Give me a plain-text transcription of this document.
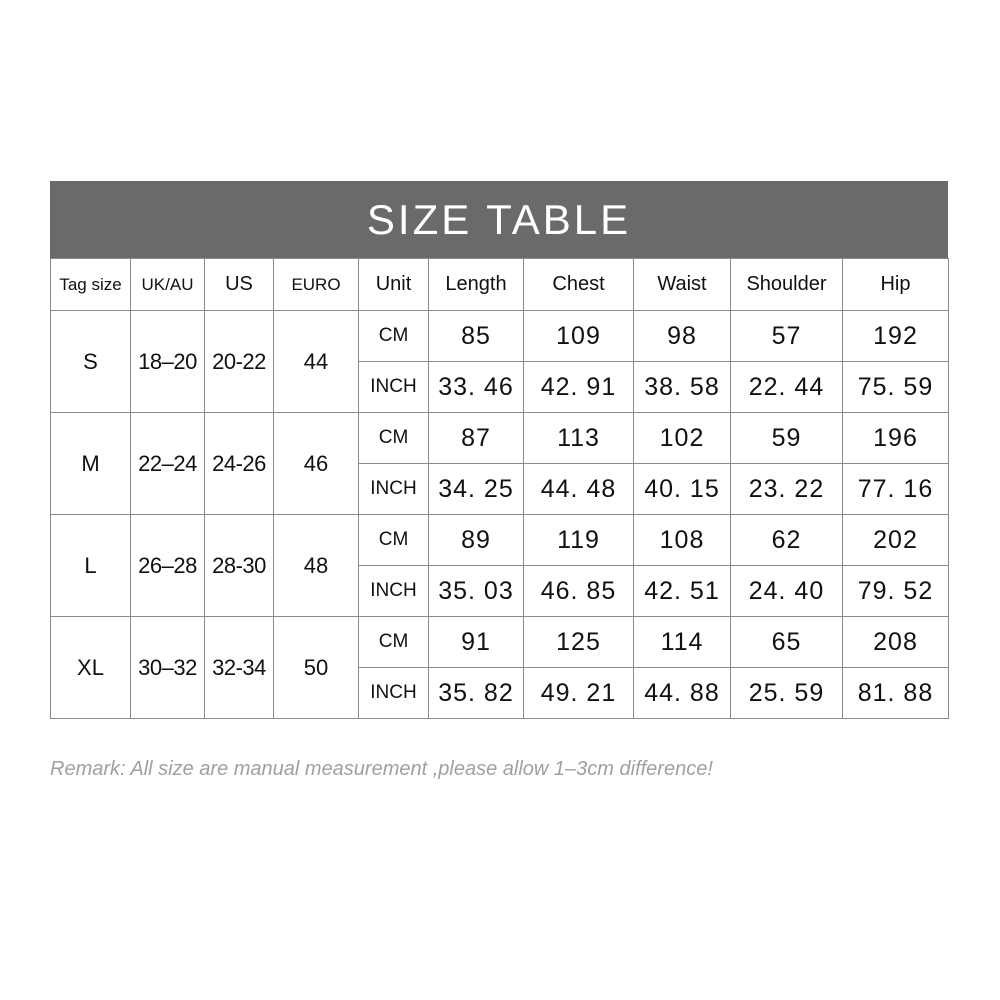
SIZE TABLE
Tag size	UK/AU	US	EURO	Unit	Length	Chest	Waist	Shoulder	Hip
S	18–20	20-22	44	CM	85	109	98	57	192
				INCH	33. 46	42. 91	38. 58	22. 44	75. 59
M	22–24	24-26	46	CM	87	113	102	59	196
				INCH	34. 25	44. 48	40. 15	23. 22	77. 16
L	26–28	28-30	48	CM	89	119	108	62	202
				INCH	35. 03	46. 85	42. 51	24. 40	79. 52
XL	30–32	32-34	50	CM	91	125	114	65	208
				INCH	35. 82	49. 21	44. 88	25. 59	81. 88
Remark: All size are manual measurement ,please allow 1–3cm difference!
